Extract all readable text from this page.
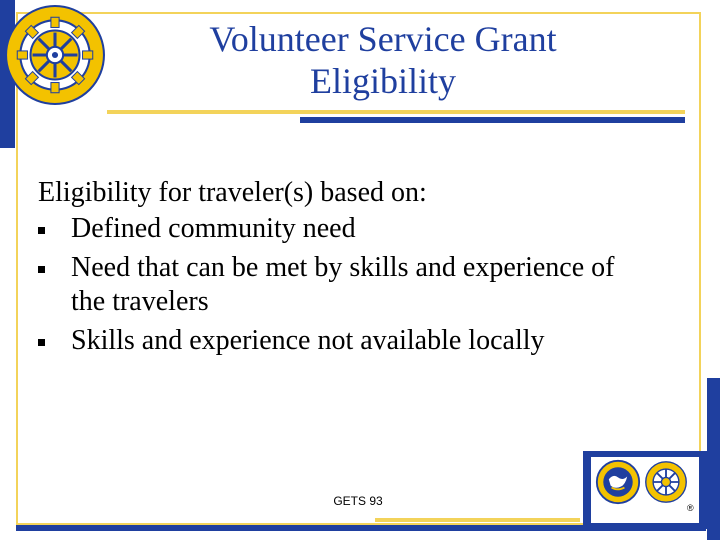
Volunteer Service Grant
Eligibility

Eligibility for traveler(s) based on:

Defined community need
Need that can be met by skills and experience of
the travelers
Skills and experience not available locally
GETS 93	®
